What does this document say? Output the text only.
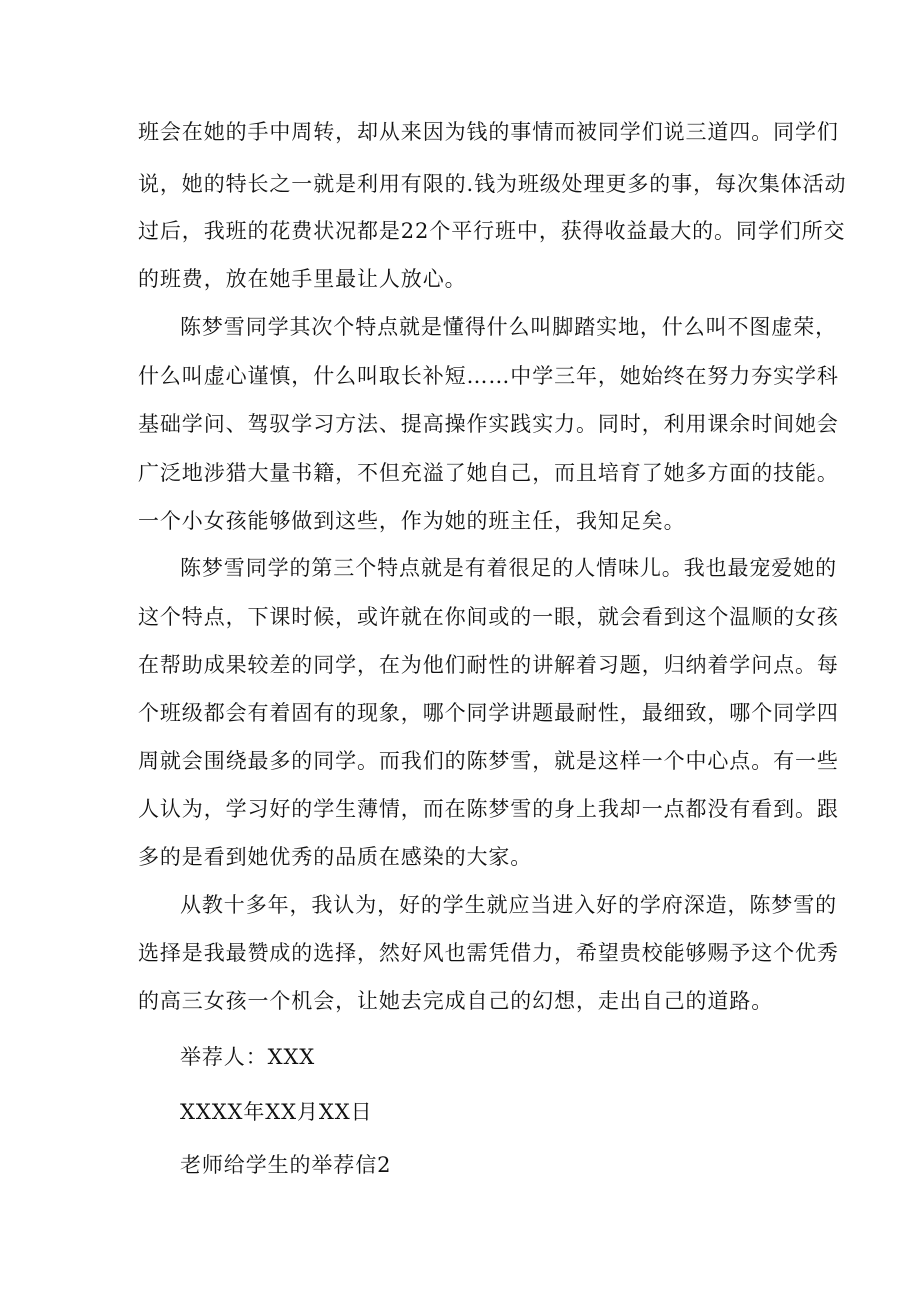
班会在她的手中周转，却从来因为钱的事情而被同学们说三道四。同学们
说，她的特长之一就是利用有限的.钱为班级处理更多的事，每次集体活动
过后，我班的花费状况都是22个平行班中，获得收益最大的。同学们所交
的班费，放在她手里最让人放心。
陈梦雪同学其次个特点就是懂得什么叫脚踏实地，什么叫不图虚荣，
什么叫虚心谨慎，什么叫取长补短……中学三年，她始终在努力夯实学科
基础学问、驾驭学习方法、提高操作实践实力。同时，利用课余时间她会
广泛地涉猎大量书籍，不但充溢了她自己，而且培育了她多方面的技能。
一个小女孩能够做到这些，作为她的班主任，我知足矣。
陈梦雪同学的第三个特点就是有着很足的人情味儿。我也最宠爱她的
这个特点，下课时候，或许就在你间或的一眼，就会看到这个温顺的女孩
在帮助成果较差的同学，在为他们耐性的讲解着习题，归纳着学问点。每
个班级都会有着固有的现象，哪个同学讲题最耐性，最细致，哪个同学四
周就会围绕最多的同学。而我们的陈梦雪，就是这样一个中心点。有一些
人认为，学习好的学生薄情，而在陈梦雪的身上我却一点都没有看到。跟
多的是看到她优秀的品质在感染的大家。
从教十多年，我认为，好的学生就应当进入好的学府深造，陈梦雪的
选择是我最赞成的选择，然好风也需凭借力，希望贵校能够赐予这个优秀
的高三女孩一个机会，让她去完成自己的幻想，走出自己的道路。
举荐人：XXX
XXXX年XX月XX日
老师给学生的举荐信2
